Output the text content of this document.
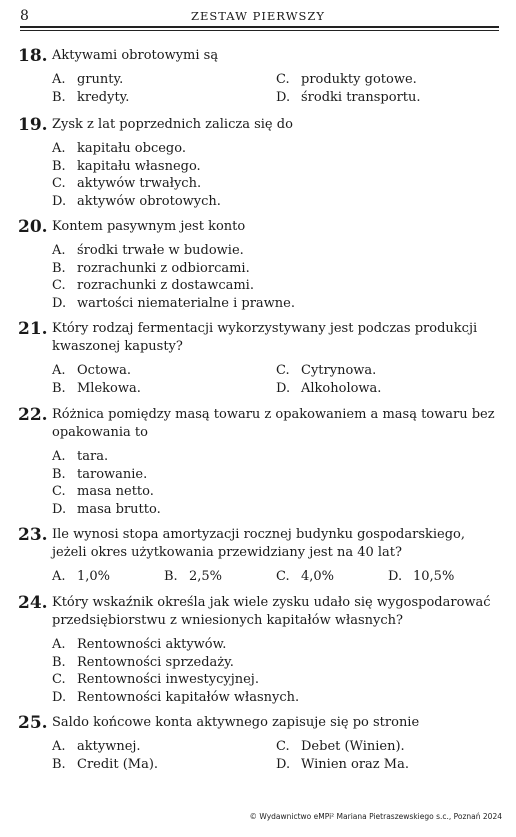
8	ZESTAW PIERWSZY
18. Aktywami obrotowymi są
A. grunty.	C. produkty gotowe.
B. kredyty.	D. środki transportu.
19. Zysk z lat poprzednich zalicza się do
A. kapitału obcego.
B. kapitału własnego.
C. aktywów trwałych.
D. aktywów obrotowych.
20. Kontem pasywnym jest konto
A. środki trwałe w budowie.
B. rozrachunki z odbiorcami.
C. rozrachunki z dostawcami.
D. wartości niematerialne i prawne.
21. Który rodzaj fermentacji wykorzystywany jest podczas produkcji kwaszonej kapusty?
A. Octowa.	C. Cytrynowa.
B. Mlekowa.	D. Alkoholowa.
22. Różnica pomiędzy masą towaru z opakowaniem a masą towaru bez opakowania to
A. tara.
B. tarowanie.
C. masa netto.
D. masa brutto.
23. Ile wynosi stopa amortyzacji rocznej budynku gospodarskiego, jeżeli okres użytkowania przewidziany jest na 40 lat?
A. 1,0%	B. 2,5%	C. 4,0%	D. 10,5%
24. Który wskaźnik określa jak wiele zysku udało się wygospodarować przedsiębiorstwu z wniesionych kapitałów własnych?
A. Rentowności aktywów.
B. Rentowności sprzedaży.
C. Rentowności inwestycyjnej.
D. Rentowności kapitałów własnych.
25. Saldo końcowe konta aktywnego zapisuje się po stronie
A. aktywnej.	C. Debet (Winien).
B. Credit (Ma).	D. Winien oraz Ma.
© Wydawnictwo eMPi² Mariana Pietraszewskiego s.c., Poznań 2024
